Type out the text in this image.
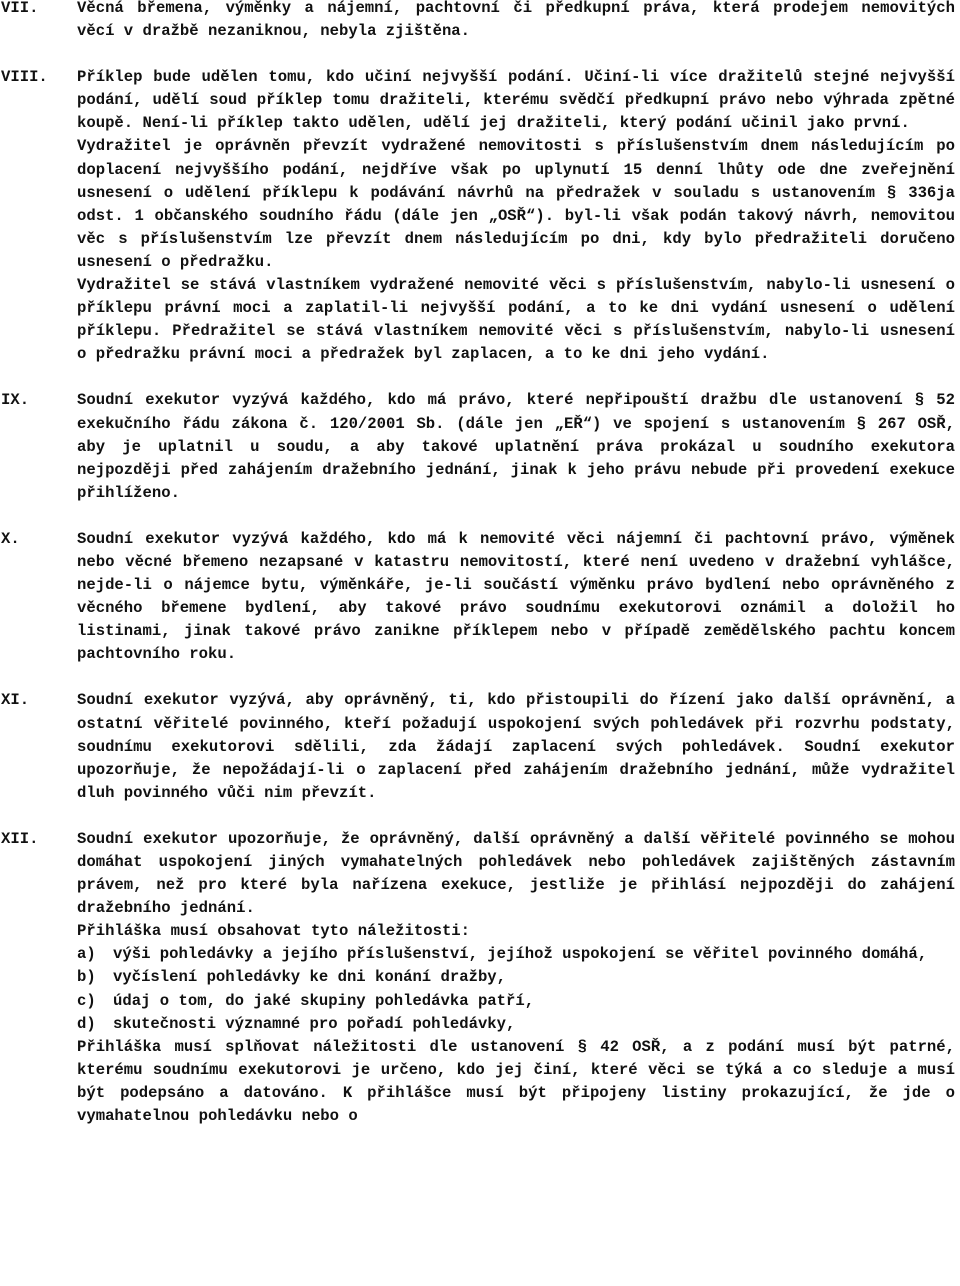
VII.	Věcná břemena, výměnky a nájemní, pachtovní či předkupní práva, která prodejem nemovitých věcí v dražbě nezaniknou, nebyla zjištěna.

VIII.	Příklep bude udělen tomu, kdo učiní nejvyšší podání. Učiní-li více dražitelů stejné nejvyšší podání, udělí soud příklep tomu dražiteli, kterému svědčí předkupní právo nebo výhrada zpětné koupě. Není-li příklep takto udělen, udělí jej dražiteli, který podání učinil jako první.

Vydražitel je oprávněn převzít vydražené nemovitosti s příslušenstvím dnem následujícím po doplacení nejvyššího podání, nejdříve však po uplynutí 15 denní lhůty ode dne zveřejnění usnesení o udělení příklepu k podávání návrhů na předražek v souladu s ustanovením § 336ja odst. 1 občanského soudního řádu (dále jen „OSŘ“). byl-li však podán takový návrh, nemovitou věc s příslušenstvím lze převzít dnem následujícím po dni, kdy bylo předražiteli doručeno usnesení o předražku.

Vydražitel se stává vlastníkem vydražené nemovité věci s příslušenstvím, nabylo-li usnesení o příklepu právní moci a zaplatil-li nejvyšší podání, a to ke dni vydání usnesení o udělení příklepu. Předražitel se stává vlastníkem nemovité věci s příslušenstvím, nabylo-li usnesení o předražku právní moci a předražek byl zaplacen, a to ke dni jeho vydání.

IX.	Soudní exekutor vyzývá každého, kdo má právo, které nepřipouští dražbu dle ustanovení § 52 exekučního řádu zákona č. 120/2001 Sb. (dále jen „EŘ“) ve spojení s ustanovením § 267 OSŘ, aby je uplatnil u soudu, a aby takové uplatnění práva prokázal u soudního exekutora nejpozději před zahájením dražebního jednání, jinak k jeho právu nebude při provedení exekuce přihlíženo.

X.	Soudní exekutor vyzývá každého, kdo má k nemovité věci nájemní či pachtovní právo, výměnek nebo věcné břemeno nezapsané v katastru nemovitostí, které není uvedeno v dražební vyhlášce, nejde-li o nájemce bytu, výměnkáře, je-li součástí výměnku právo bydlení nebo oprávněného z věcného břemene bydlení, aby takové právo soudnímu exekutorovi oznámil a doložil ho listinami, jinak takové právo zanikne příklepem nebo v případě zemědělského pachtu koncem pachtovního roku.

XI.	Soudní exekutor vyzývá, aby oprávněný, ti, kdo přistoupili do řízení jako další oprávnění, a ostatní věřitelé povinného, kteří požadují uspokojení svých pohledávek při rozvrhu podstaty, soudnímu exekutorovi sdělili, zda žádají zaplacení svých pohledávek. Soudní exekutor upozorňuje, že nepožádají-li o zaplacení před zahájením dražebního jednání, může vydražitel dluh povinného vůči nim převzít.

XII.	Soudní exekutor upozorňuje, že oprávněný, další oprávněný a další věřitelé povinného se mohou domáhat uspokojení jiných vymahatelných pohledávek nebo pohledávek zajištěných zástavním právem, než pro které byla nařízena exekuce, jestliže je přihlásí nejpozději do zahájení dražebního jednání.

Přihláška musí obsahovat tyto náležitosti:

a)	výši pohledávky a jejího příslušenství, jejíhož uspokojení se věřitel povinného domáhá,
b)	vyčíslení pohledávky ke dni konání dražby,
c)	údaj o tom, do jaké skupiny pohledávka patří,
d)	skutečnosti významné pro pořadí pohledávky,

Přihláška musí splňovat náležitosti dle ustanovení § 42 OSŘ, a z podání musí být patrné, kterému soudnímu exekutorovi je určeno, kdo jej činí, které věci se týká a co sleduje a musí být podepsáno a datováno. K přihlášce musí být připojeny listiny prokazující, že jde o vymahatelnou pohledávku nebo o
